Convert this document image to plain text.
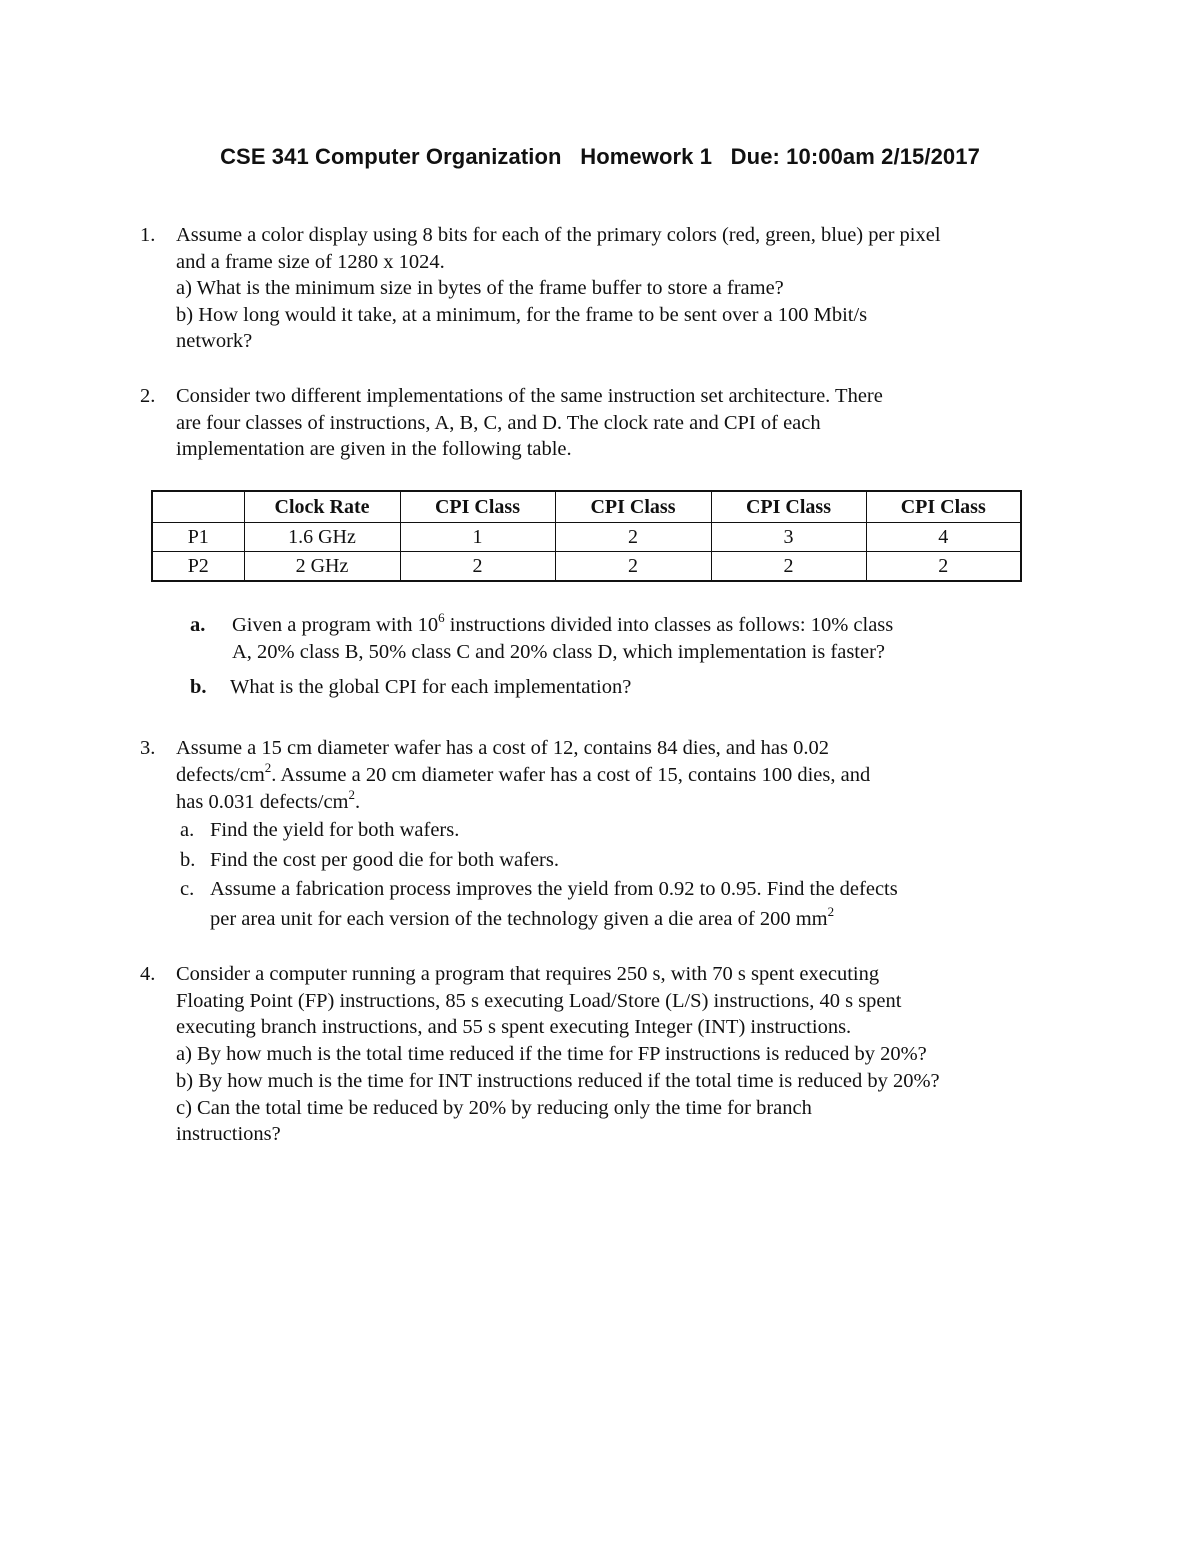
CSE 341 Computer Organization   Homework 1   Due: 10:00am 2/15/2017
1. Assume a color display using 8 bits for each of the primary colors (red, green, blue) per pixel
and a frame size of 1280 x 1024.
a) What is the minimum size in bytes of the frame buffer to store a frame?
b) How long would it take, at a minimum, for the frame to be sent over a 100 Mbit/s
network?
2. Consider two different implementations of the same instruction set architecture. There
are four classes of instructions, A, B, C, and D. The clock rate and CPI of each
implementation are given in the following table.
	Clock Rate	CPI Class	CPI Class	CPI Class	CPI Class
P1	1.6 GHz	1	2	3	4
P2	2 GHz	2	2	2	2
a. Given a program with $10^6$ instructions divided into classes as follows: 10% class
A, 20% class B, 50% class C and 20% class D, which implementation is faster?
b. What is the global CPI for each implementation?
3. Assume a 15 cm diameter wafer has a cost of 12, contains 84 dies, and has 0.02
defects/$cm^2$. Assume a 20 cm diameter wafer has a cost of 15, contains 100 dies, and
has 0.031 defects/$cm^2$.
a. Find the yield for both wafers.
b. Find the cost per good die for both wafers.
c. Assume a fabrication process improves the yield from 0.92 to 0.95. Find the defects
per area unit for each version of the technology given a die area of 200 $mm^2$
4. Consider a computer running a program that requires 250 s, with 70 s spent executing
Floating Point (FP) instructions, 85 s executing Load/Store (L/S) instructions, 40 s spent
executing branch instructions, and 55 s spent executing Integer (INT) instructions.
a) By how much is the total time reduced if the time for FP instructions is reduced by 20%?
b) By how much is the time for INT instructions reduced if the total time is reduced by 20%?
c) Can the total time be reduced by 20% by reducing only the time for branch
instructions?
